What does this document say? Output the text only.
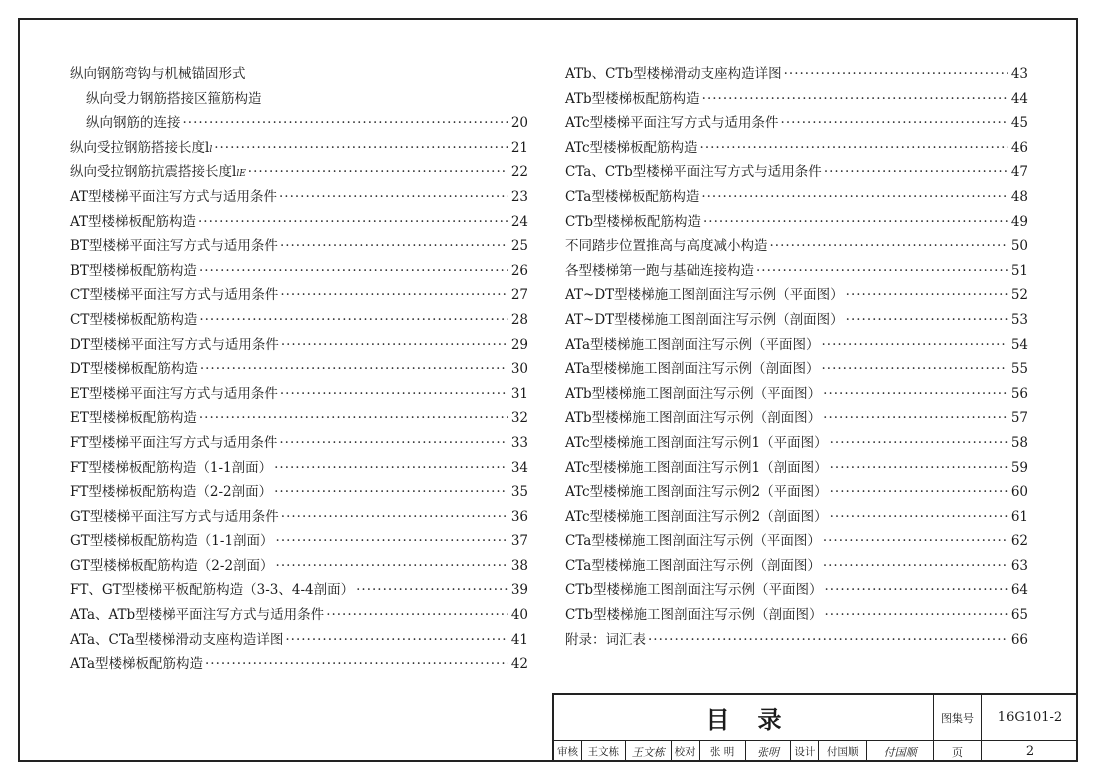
纵向钢筋弯钩与机械锚固形式
纵向受力钢筋搭接区箍筋构造
纵向钢筋的连接 ·····	20
纵向受拉钢筋搭接长度$l_l$ ·····	21
纵向受拉钢筋抗震搭接长度$l_{lE}$ ·····	22
AT型楼梯平面注写方式与适用条件 ·····	23
AT型楼梯板配筋构造 ·····	24
BT型楼梯平面注写方式与适用条件 ·····	25
BT型楼梯板配筋构造 ·····	26
CT型楼梯平面注写方式与适用条件 ·····	27
CT型楼梯板配筋构造 ·····	28
DT型楼梯平面注写方式与适用条件 ·····	29
DT型楼梯板配筋构造 ·····	30
ET型楼梯平面注写方式与适用条件 ·····	31
ET型楼梯板配筋构造 ·····	32
FT型楼梯平面注写方式与适用条件 ·····	33
FT型楼梯板配筋构造（1-1剖面） ·····	34
FT型楼梯板配筋构造（2-2剖面） ·····	35
GT型楼梯平面注写方式与适用条件 ·····	36
GT型楼梯板配筋构造（1-1剖面） ·····	37
GT型楼梯板配筋构造（2-2剖面） ·····	38
FT、GT型楼梯平板配筋构造（3-3、4-4剖面） ·····	39
ATa、ATb型楼梯平面注写方式与适用条件 ·····	40
ATa、CTa型楼梯滑动支座构造详图 ·····	41
ATa型楼梯板配筋构造 ·····	42
ATb、CTb型楼梯滑动支座构造详图 ·····	43
ATb型楼梯板配筋构造 ·····	44
ATc型楼梯平面注写方式与适用条件 ·····	45
ATc型楼梯板配筋构造 ·····	46
CTa、CTb型楼梯平面注写方式与适用条件 ·····	47
CTa型楼梯板配筋构造 ·····	48
CTb型楼梯板配筋构造 ·····	49
不同踏步位置推高与高度减小构造 ·····	50
各型楼梯第一跑与基础连接构造 ·····	51
AT~DT型楼梯施工图剖面注写示例（平面图） ·····	52
AT~DT型楼梯施工图剖面注写示例（剖面图） ·····	53
ATa型楼梯施工图剖面注写示例（平面图） ·····	54
ATa型楼梯施工图剖面注写示例（剖面图） ·····	55
ATb型楼梯施工图剖面注写示例（平面图） ·····	56
ATb型楼梯施工图剖面注写示例（剖面图） ·····	57
ATc型楼梯施工图剖面注写示例1（平面图） ·····	58
ATc型楼梯施工图剖面注写示例1（剖面图） ·····	59
ATc型楼梯施工图剖面注写示例2（平面图） ·····	60
ATc型楼梯施工图剖面注写示例2（剖面图） ·····	61
CTa型楼梯施工图剖面注写示例（平面图） ·····	62
CTa型楼梯施工图剖面注写示例（剖面图） ·····	63
CTb型楼梯施工图剖面注写示例（平面图） ·····	64
CTb型楼梯施工图剖面注写示例（剖面图） ·····	65
附录：词汇表 ·····	66
目录	图集号	16G101-2
审核 王文栋	王文栋 校对	张 明	张明	设计	付国顺	付国顺	页	2
